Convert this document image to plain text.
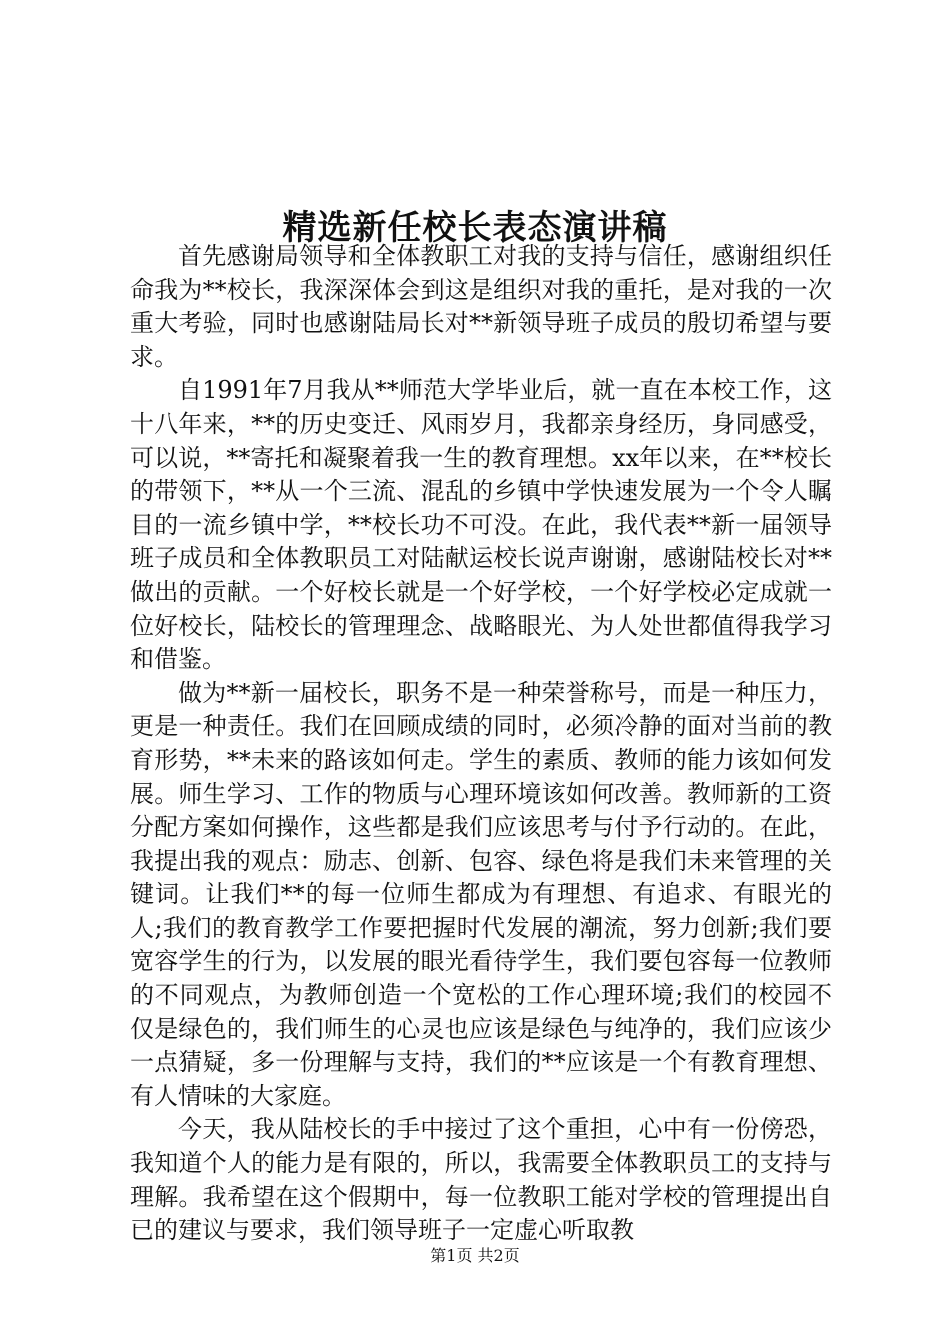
精选新任校长表态演讲稿

首先感谢局领导和全体教职工对我的支持与信任，感谢组织任命我为**校长，我深深体会到这是组织对我的重托，是对我的一次重大考验，同时也感谢陆局长对**新领导班子成员的殷切希望与要求。

自1991年7月我从**师范大学毕业后，就一直在本校工作，这十八年来，**的历史变迁、风雨岁月，我都亲身经历，身同感受，可以说，**寄托和凝聚着我一生的教育理想。xx年以来，在**校长的带领下，**从一个三流、混乱的乡镇中学快速发展为一个令人瞩目的一流乡镇中学，**校长功不可没。在此，我代表**新一届领导班子成员和全体教职员工对陆献运校长说声谢谢，感谢陆校长对**做出的贡献。一个好校长就是一个好学校，一个好学校必定成就一位好校长，陆校长的管理理念、战略眼光、为人处世都值得我学习和借鉴。

做为**新一届校长，职务不是一种荣誉称号，而是一种压力，更是一种责任。我们在回顾成绩的同时，必须冷静的面对当前的教育形势，**未来的路该如何走。学生的素质、教师的能力该如何发展。师生学习、工作的物质与心理环境该如何改善。教师新的工资分配方案如何操作，这些都是我们应该思考与付予行动的。在此，我提出我的观点：励志、创新、包容、绿色将是我们未来管理的关键词。让我们**的每一位师生都成为有理想、有追求、有眼光的人;我们的教育教学工作要把握时代发展的潮流，努力创新;我们要宽容学生的行为，以发展的眼光看待学生，我们要包容每一位教师的不同观点，为教师创造一个宽松的工作心理环境;我们的校园不仅是绿色的，我们师生的心灵也应该是绿色与纯净的，我们应该少一点猜疑，多一份理解与支持，我们的**应该是一个有教育理想、有人情味的大家庭。

今天，我从陆校长的手中接过了这个重担，心中有一份傍恐，我知道个人的能力是有限的，所以，我需要全体教职员工的支持与理解。我希望在这个假期中，每一位教职工能对学校的管理提出自已的建议与要求，我们领导班子一定虚心听取教

第1页 共2页
